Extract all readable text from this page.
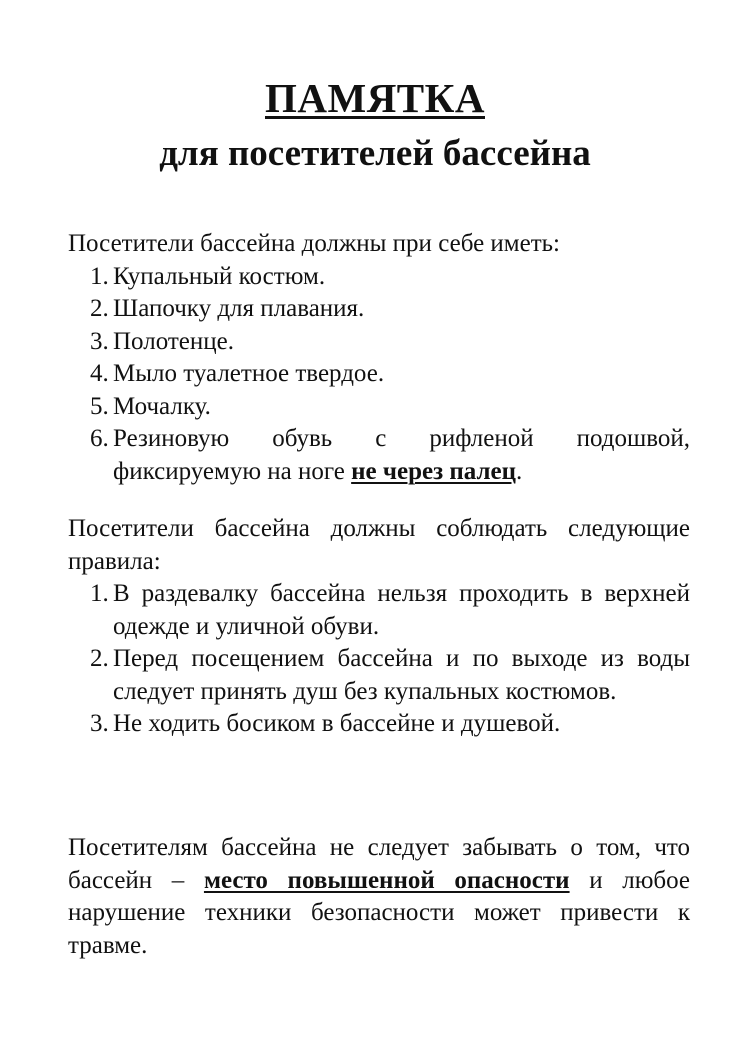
ПАМЯТКА
для посетителей бассейна
Посетители бассейна должны при себе иметь:
1. Купальный костюм.
2. Шапочку для плавания.
3. Полотенце.
4. Мыло туалетное твердое.
5. Мочалку.
6. Резиновую обувь с рифленой подошвой, фиксируемую на ноге не через палец.
Посетители бассейна должны соблюдать следующие правила:
1. В раздевалку бассейна нельзя проходить в верхней одежде и уличной обуви.
2. Перед посещением бассейна и по выходе из воды следует принять душ без купальных костюмов.
3. Не ходить босиком в бассейне и душевой.
Посетителям бассейна не следует забывать о том, что бассейн – место повышенной опасности и любое нарушение техники безопасности может привести к травме.
